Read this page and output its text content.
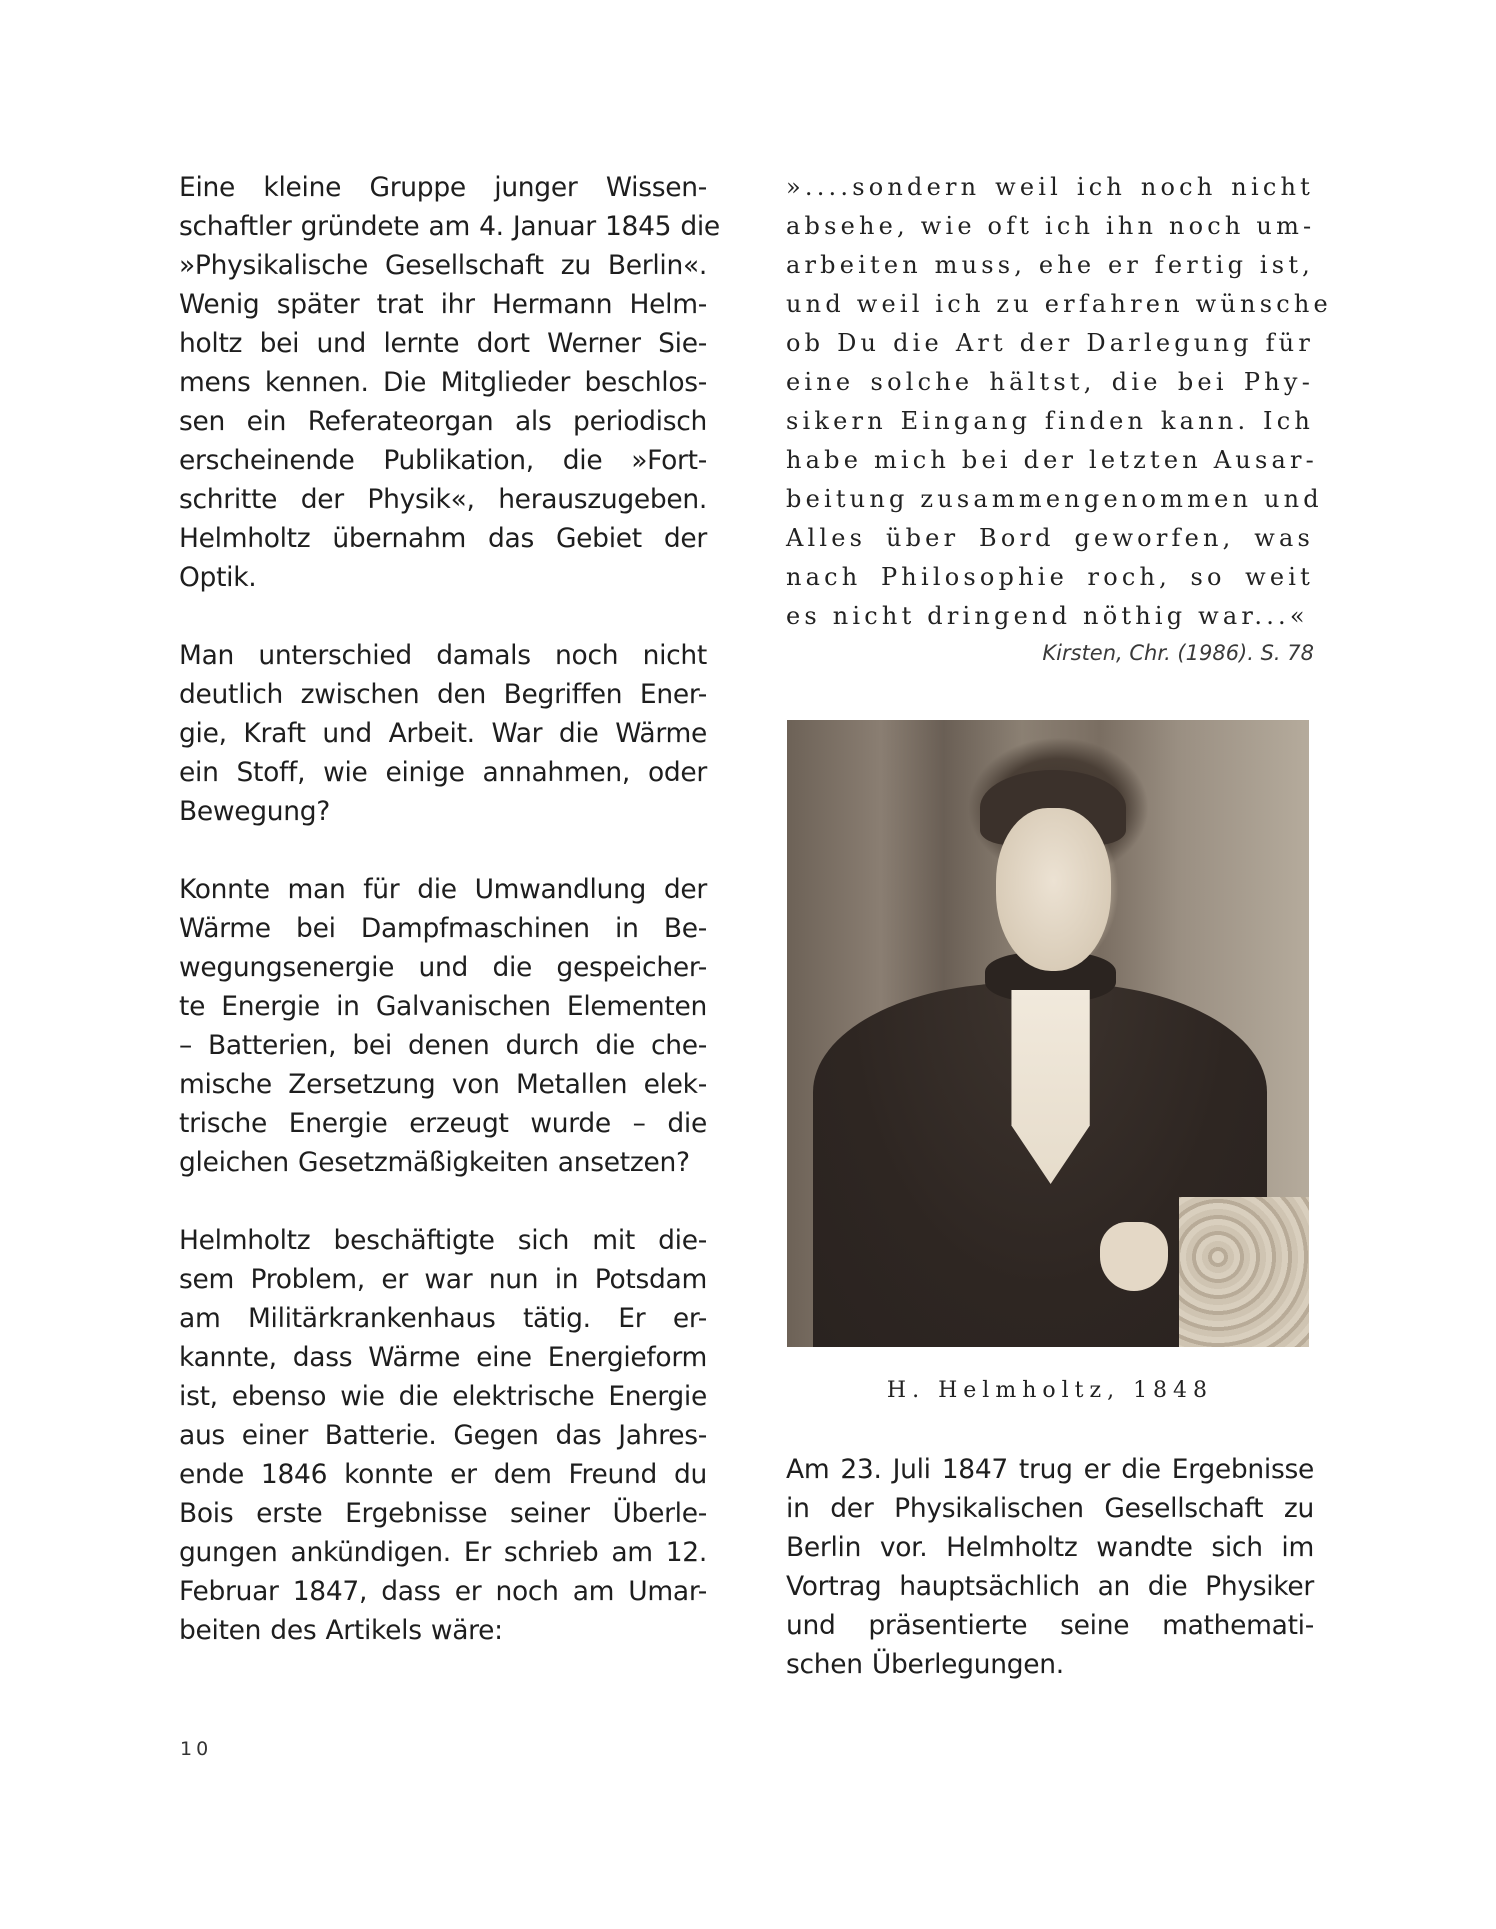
Eine kleine Gruppe junger Wissen-
schaftler gründete am 4. Januar 1845 die
»Physikalische Gesellschaft zu Berlin«.
Wenig später trat ihr Hermann Helm-
holtz bei und lernte dort Werner Sie-
mens kennen. Die Mitglieder beschlos-
sen ein Referateorgan als periodisch
erscheinende Publikation, die »Fort-
schritte der Physik«, herauszugeben.
Helmholtz übernahm das Gebiet der
Optik.

Man unterschied damals noch nicht
deutlich zwischen den Begriffen Ener-
gie, Kraft und Arbeit. War die Wärme
ein Stoff, wie einige annahmen, oder
Bewegung?

Konnte man für die Umwandlung der
Wärme bei Dampfmaschinen in Be-
wegungsenergie und die gespeicher-
te Energie in Galvanischen Elementen
– Batterien, bei denen durch die che-
mische Zersetzung von Metallen elek-
trische Energie erzeugt wurde – die
gleichen Gesetzmäßigkeiten ansetzen?

Helmholtz beschäftigte sich mit die-
sem Problem, er war nun in Potsdam
am Militärkrankenhaus tätig. Er er-
kannte, dass Wärme eine Energieform
ist, ebenso wie die elektrische Energie
aus einer Batterie. Gegen das Jahres-
ende 1846 konnte er dem Freund du
Bois erste Ergebnisse seiner Überle-
gungen ankündigen. Er schrieb am 12.
Februar 1847, dass er noch am Umar-
beiten des Artikels wäre:

»....sondern weil ich noch nicht
absehe, wie oft ich ihn noch um-
arbeiten muss, ehe er fertig ist,
und weil ich zu erfahren wünsche
ob Du die Art der Darlegung für
eine solche hältst, die bei Phy-
sikern Eingang finden kann. Ich
habe mich bei der letzten Ausar-
beitung zusammengenommen und
Alles über Bord geworfen, was
nach Philosophie roch, so weit
es nicht dringend nöthig war...«
Kirsten, Chr. (1986). S. 78
H. Helmholtz, 1848

Am 23. Juli 1847 trug er die Ergebnisse
in der Physikalischen Gesellschaft zu
Berlin vor. Helmholtz wandte sich im
Vortrag hauptsächlich an die Physiker
und präsentierte seine mathemati-
schen Überlegungen.

10
